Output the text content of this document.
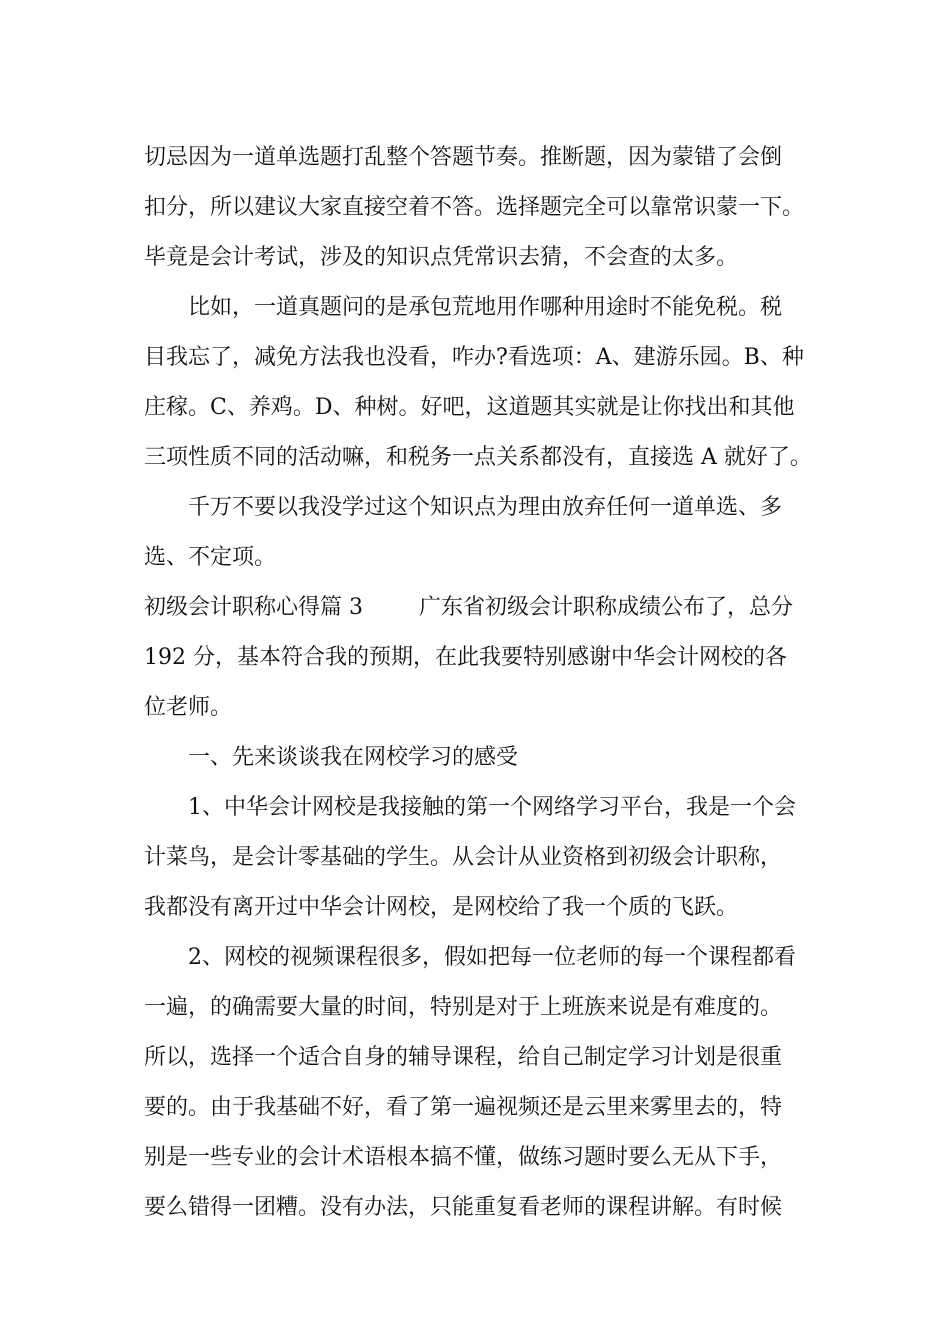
切忌因为一道单选题打乱整个答题节奏。推断题，因为蒙错了会倒
扣分，所以建议大家直接空着不答。选择题完全可以靠常识蒙一下。
毕竟是会计考试，涉及的知识点凭常识去猜，不会查的太多。
　　比如，一道真题问的是承包荒地用作哪种用途时不能免税。税
目我忘了，减免方法我也没看，咋办?看选项：A、建游乐园。B、种
庄稼。C、养鸡。D、种树。好吧，这道题其实就是让你找出和其他
三项性质不同的活动嘛，和税务一点关系都没有，直接选 A 就好了。
　　千万不要以我没学过这个知识点为理由放弃任何一道单选、多
选、不定项。
初级会计职称心得篇 3	广东省初级会计职称成绩公布了，总分
192 分，基本符合我的预期，在此我要特别感谢中华会计网校的各
位老师。
　　一、先来谈谈我在网校学习的感受
　　1、中华会计网校是我接触的第一个网络学习平台，我是一个会
计菜鸟，是会计零基础的学生。从会计从业资格到初级会计职称，
我都没有离开过中华会计网校，是网校给了我一个质的飞跃。
　　2、网校的视频课程很多，假如把每一位老师的每一个课程都看
一遍，的确需要大量的时间，特别是对于上班族来说是有难度的。
所以，选择一个适合自身的辅导课程，给自己制定学习计划是很重
要的。由于我基础不好，看了第一遍视频还是云里来雾里去的，特
别是一些专业的会计术语根本搞不懂，做练习题时要么无从下手，
要么错得一团糟。没有办法，只能重复看老师的课程讲解。有时候
